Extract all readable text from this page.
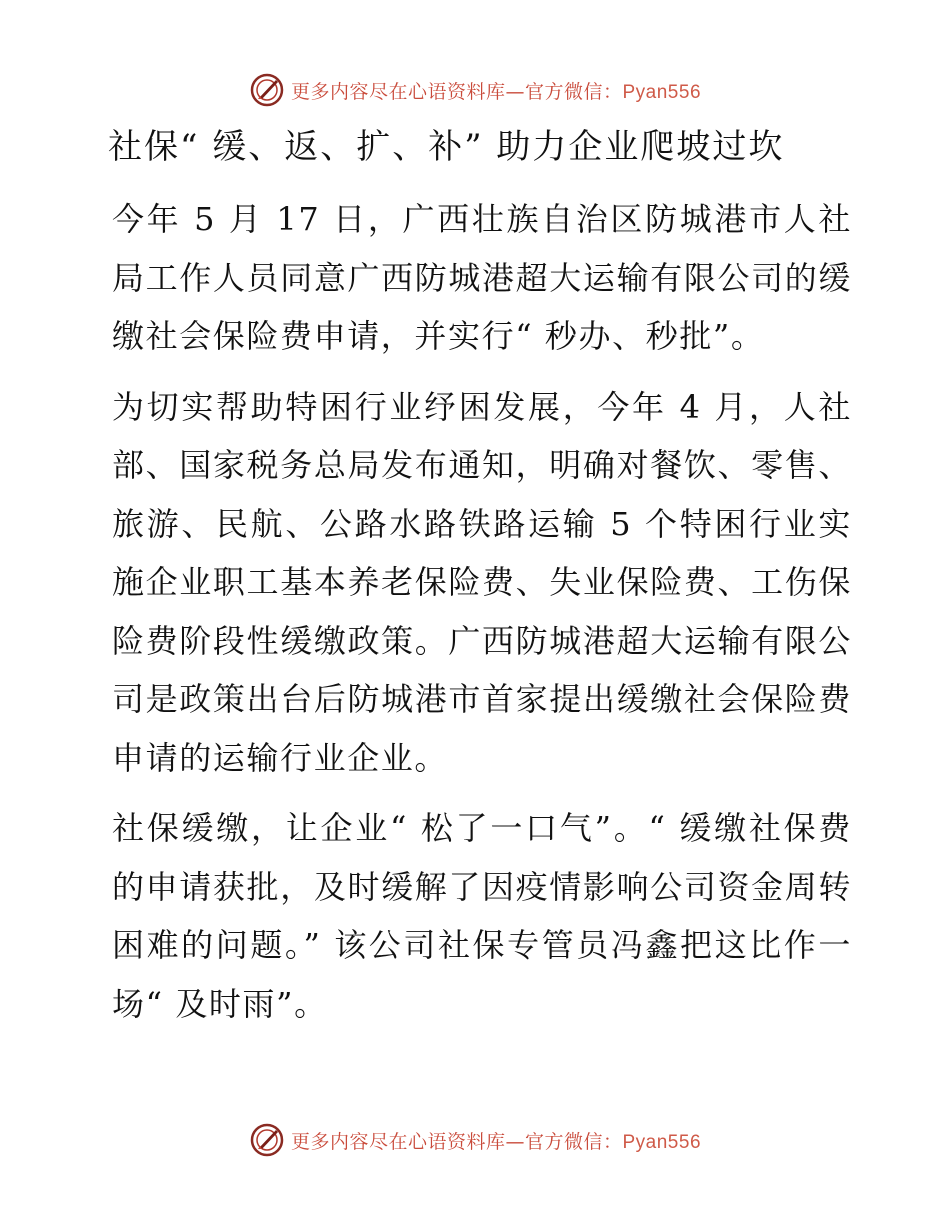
更多内容尽在心语资料库—官方微信：Pyan556
社保“ 缓、返、扩、补” 助力企业爬坡过坎

今年 5 月 17 日，广西壮族自治区防城港市人社局工作人员同意广西防城港超大运输有限公司的缓缴社会保险费申请，并实行“ 秒办、秒批”。

为切实帮助特困行业纾困发展，今年 4 月，人社部、国家税务总局发布通知，明确对餐饮、零售、旅游、民航、公路水路铁路运输 5 个特困行业实施企业职工基本养老保险费、失业保险费、工伤保险费阶段性缓缴政策。广西防城港超大运输有限公司是政策出台后防城港市首家提出缓缴社会保险费申请的运输行业企业。

社保缓缴，让企业“ 松了一口气”。“ 缓缴社保费的申请获批，及时缓解了因疫情影响公司资金周转困难的问题。” 该公司社保专管员冯鑫把这比作一场“ 及时雨”。

更多内容尽在心语资料库—官方微信：Pyan556
